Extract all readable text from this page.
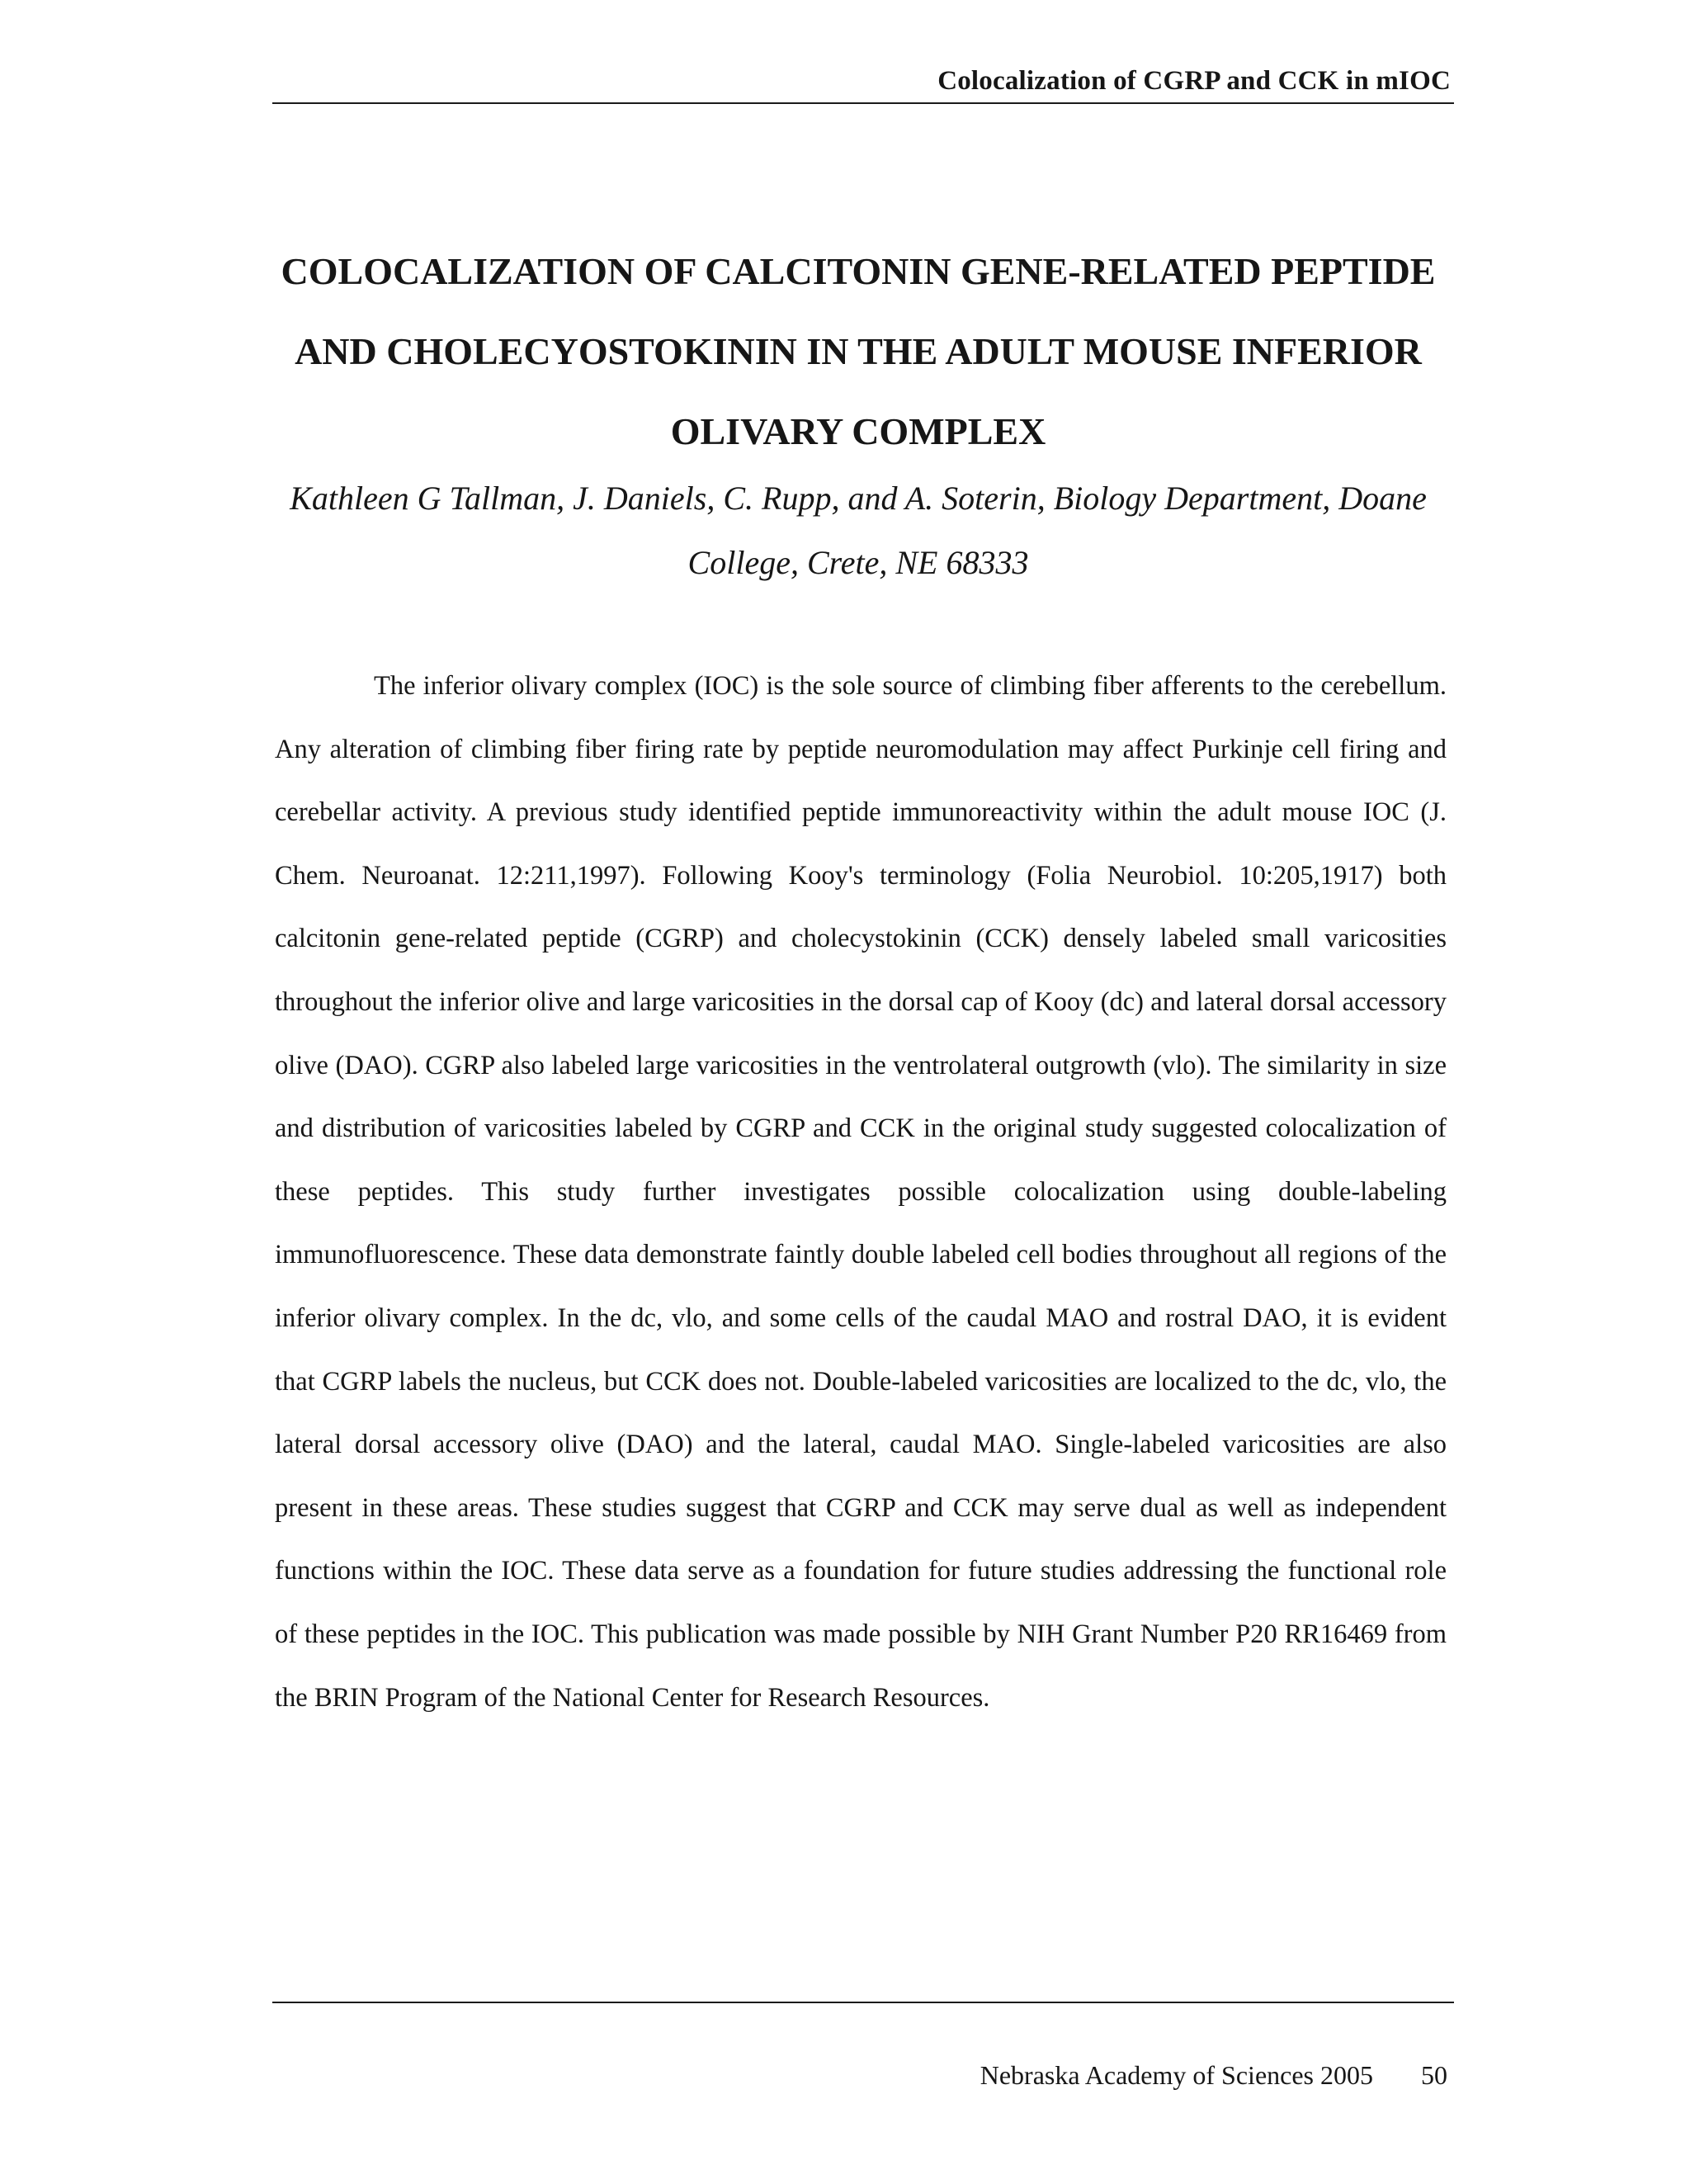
Colocalization of CGRP and CCK in mIOC
COLOCALIZATION OF CALCITONIN GENE-RELATED PEPTIDE AND CHOLECYOSTOKININ IN THE ADULT MOUSE INFERIOR OLIVARY COMPLEX

Kathleen G Tallman, J. Daniels, C. Rupp, and A. Soterin, Biology Department, Doane College, Crete, NE 68333

The inferior olivary complex (IOC) is the sole source of climbing fiber afferents to the cerebellum. Any alteration of climbing fiber firing rate by peptide neuromodulation may affect Purkinje cell firing and cerebellar activity. A previous study identified peptide immunoreactivity within the adult mouse IOC (J. Chem. Neuroanat. 12:211,1997). Following Kooy's terminology (Folia Neurobiol. 10:205,1917) both calcitonin gene-related peptide (CGRP) and cholecystokinin (CCK) densely labeled small varicosities throughout the inferior olive and large varicosities in the dorsal cap of Kooy (dc) and lateral dorsal accessory olive (DAO). CGRP also labeled large varicosities in the ventrolateral outgrowth (vlo). The similarity in size and distribution of varicosities labeled by CGRP and CCK in the original study suggested colocalization of these peptides. This study further investigates possible colocalization using double-labeling immunofluorescence. These data demonstrate faintly double labeled cell bodies throughout all regions of the inferior olivary complex. In the dc, vlo, and some cells of the caudal MAO and rostral DAO, it is evident that CGRP labels the nucleus, but CCK does not. Double-labeled varicosities are localized to the dc, vlo, the lateral dorsal accessory olive (DAO) and the lateral, caudal MAO. Single-labeled varicosities are also present in these areas. These studies suggest that CGRP and CCK may serve dual as well as independent functions within the IOC. These data serve as a foundation for future studies addressing the functional role of these peptides in the IOC. This publication was made possible by NIH Grant Number P20 RR16469 from the BRIN Program of the National Center for Research Resources.

Nebraska Academy of Sciences 2005 50
